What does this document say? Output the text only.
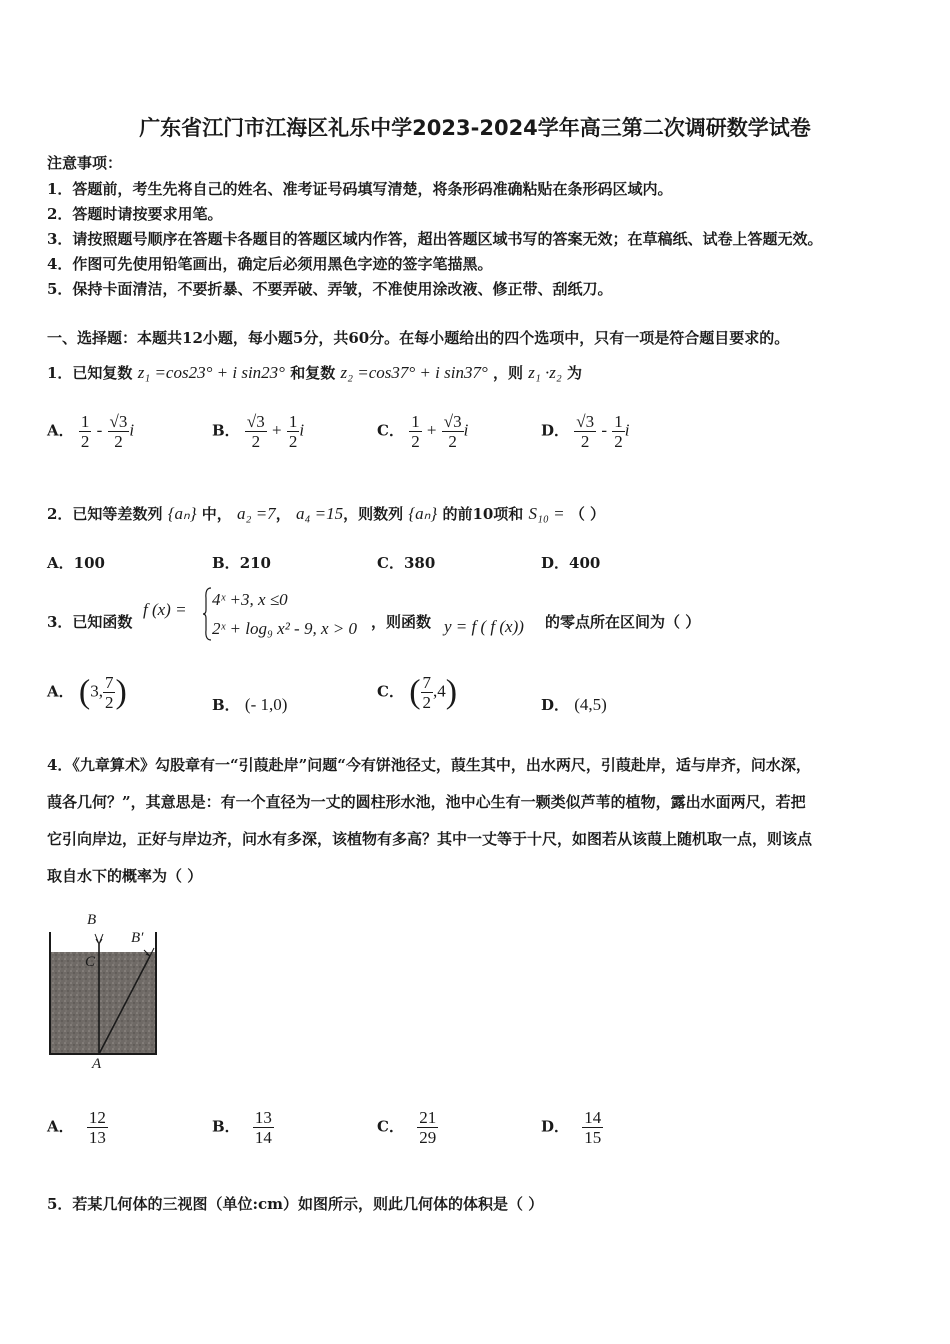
广东省江门市江海区礼乐中学2023-2024学年高三第二次调研数学试卷
注意事项：
1．答题前，考生先将自己的姓名、准考证号码填写清楚，将条形码准确粘贴在条形码区域内。
2．答题时请按要求用笔。
3．请按照题号顺序在答题卡各题目的答题区域内作答，超出答题区域书写的答案无效；在草稿纸、试卷上答题无效。
4．作图可先使用铅笔画出，确定后必须用黑色字迹的签字笔描黑。
5．保持卡面清洁，不要折暴、不要弄破、弄皱，不准使用涂改液、修正带、刮纸刀。
一、选择题：本题共12小题，每小题5分，共60分。在每小题给出的四个选项中，只有一项是符合题目要求的。
1．已知复数 z₁ =cos23° + i sin23° 和复数 z₂ =cos37° + i sin37° ，则 z₁ ·z₂ 为
A． $\frac{1}{2} - \frac{√3}{2}$ i	B． $\frac{√3}{2} + \frac{1}{2}$ i	C． $\frac{1}{2} + \frac{√3}{2}$ i	D． $\frac{√3}{2} - \frac{1}{2}$ i
2．已知等差数列 {aₙ} 中， a₂ =7， a₄ =15，则数列 {aₙ} 的前10项和 S₁₀ = （ ）
A．100	B．210	C．380	D．400
3．已知函数
f (x) =
4ˣ +3, x ≤0
2ˣ + log₉ x² - 9, x > 0 ，则函数 y = f ( f (x)) 的零点所在区间为（ ）
A． (3, $\frac{7}{2}$ )	B． (- 1,0)
C． ( $\frac{7}{2} ,4$)	D． (4,5)
4．《九章算术》勾股章有一“引葭赴岸”问题“今有饼池径丈，葭生其中，出水两尺，引葭赴岸，适与岸齐，问水深，
葭各几何？”，其意思是：有一个直径为一丈的圆柱形水池，池中心生有一颗类似芦苇的植物，露出水面两尺，若把
它引向岸边，正好与岸边齐，问水有多深，该植物有多高？其中一丈等于十尺，如图若从该葭上随机取一点，则该点
取自水下的概率为（ ）
B
B′
C
A
A． $\frac{12}{13}$	B． $\frac{13}{14}$	C． $\frac{21}{29}$	D． $\frac{14}{15}$
5．若某几何体的三视图（单位:cm）如图所示，则此几何体的体积是（ ）
